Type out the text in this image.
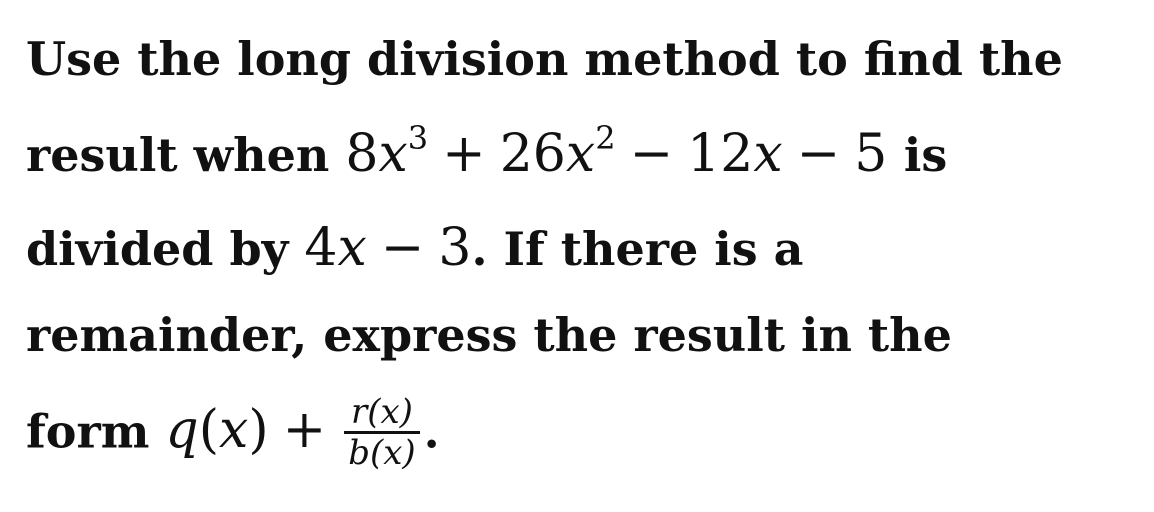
Use the long division method to find the
result when $8x^3 + 26x^2 - 12x - 5$ is
divided by 4x − 3. If there is a
remainder, express the result in the
form $q(x) + \frac{r(x)}{b(x)}$ .
